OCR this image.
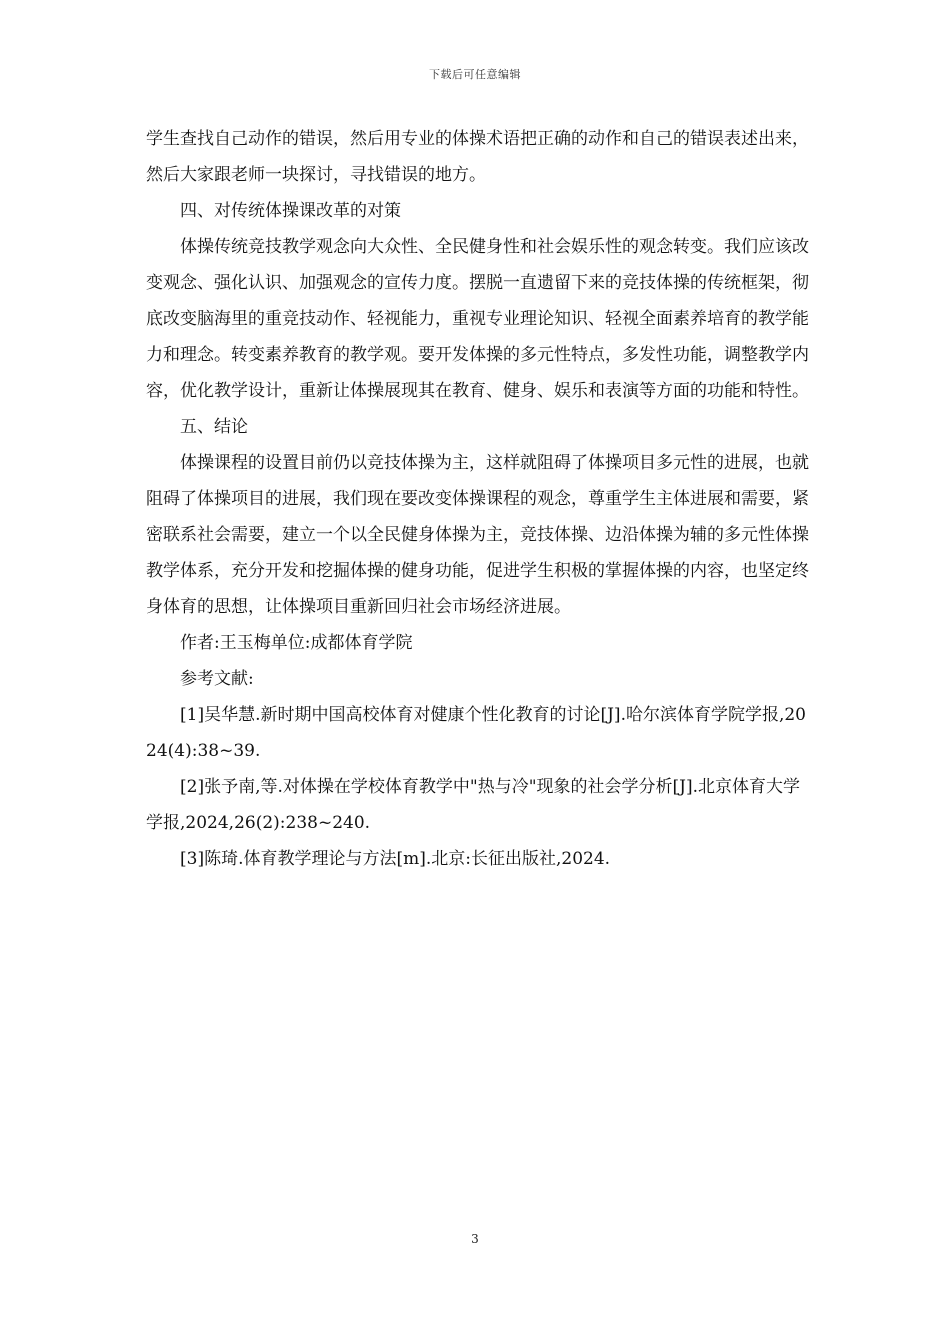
下载后可任意编辑

学生查找自己动作的错误，然后用专业的体操术语把正确的动作和自己的错误表述出来，然后大家跟老师一块探讨，寻找错误的地方。

四、对传统体操课改革的对策

体操传统竞技教学观念向大众性、全民健身性和社会娱乐性的观念转变。我们应该改变观念、强化认识、加强观念的宣传力度。摆脱一直遗留下来的竞技体操的传统框架，彻底改变脑海里的重竞技动作、轻视能力，重视专业理论知识、轻视全面素养培育的教学能力和理念。转变素养教育的教学观。要开发体操的多元性特点，多发性功能，调整教学内容，优化教学设计，重新让体操展现其在教育、健身、娱乐和表演等方面的功能和特性。

五、结论

体操课程的设置目前仍以竞技体操为主，这样就阻碍了体操项目多元性的进展，也就阻碍了体操项目的进展，我们现在要改变体操课程的观念，尊重学生主体进展和需要，紧密联系社会需要，建立一个以全民健身体操为主，竞技体操、边沿体操为辅的多元性体操教学体系，充分开发和挖掘体操的健身功能，促进学生积极的掌握体操的内容，也坚定终身体育的思想，让体操项目重新回归社会市场经济进展。

作者:王玉梅单位:成都体育学院

参考文献:

[1]吴华慧.新时期中国高校体育对健康个性化教育的讨论[J].哈尔滨体育学院学报,2024(4):38~39.

[2]张予南,等.对体操在学校体育教学中"热与冷"现象的社会学分析[J].北京体育大学学报,2024,26(2):238~240.

[3]陈琦.体育教学理论与方法[m].北京:长征出版社,2024.

3
